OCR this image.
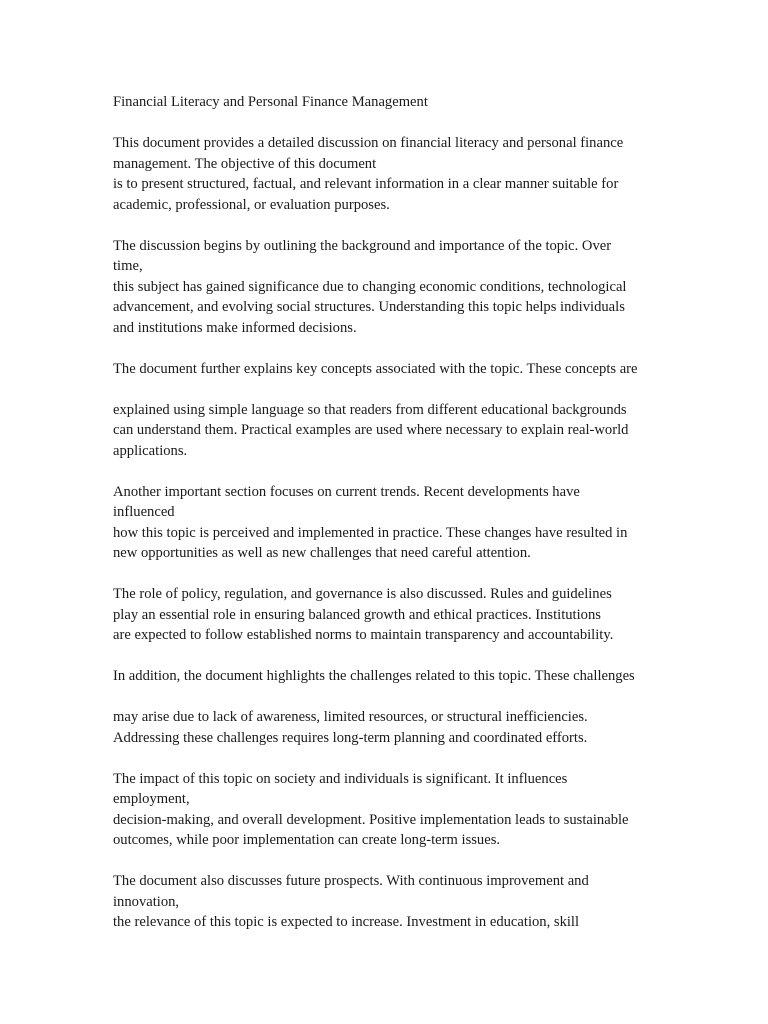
Financial Literacy and Personal Finance Management
This document provides a detailed discussion on financial literacy and personal finance
management. The objective of this document
is to present structured, factual, and relevant information in a clear manner suitable for
academic, professional, or evaluation purposes.
The discussion begins by outlining the background and importance of the topic. Over
time,
this subject has gained significance due to changing economic conditions, technological
advancement, and evolving social structures. Understanding this topic helps individuals
and institutions make informed decisions.
The document further explains key concepts associated with the topic. These concepts are
explained using simple language so that readers from different educational backgrounds
can understand them. Practical examples are used where necessary to explain real-world
applications.
Another important section focuses on current trends. Recent developments have
influenced
how this topic is perceived and implemented in practice. These changes have resulted in
new opportunities as well as new challenges that need careful attention.
The role of policy, regulation, and governance is also discussed. Rules and guidelines
play an essential role in ensuring balanced growth and ethical practices. Institutions
are expected to follow established norms to maintain transparency and accountability.
In addition, the document highlights the challenges related to this topic. These challenges
may arise due to lack of awareness, limited resources, or structural inefficiencies.
Addressing these challenges requires long-term planning and coordinated efforts.
The impact of this topic on society and individuals is significant. It influences
employment,
decision-making, and overall development. Positive implementation leads to sustainable
outcomes, while poor implementation can create long-term issues.
The document also discusses future prospects. With continuous improvement and
innovation,
the relevance of this topic is expected to increase. Investment in education, skill
